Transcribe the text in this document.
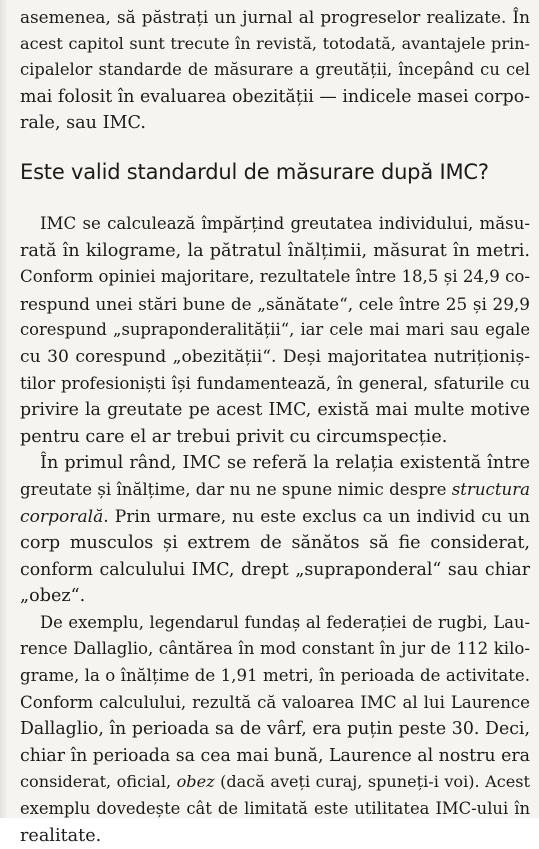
asemenea, să păstrați un jurnal al progreselor realizate. În
acest capitol sunt trecute în revistă, totodată, avantajele prin-
cipalelor standarde de măsurare a greutății, începând cu cel
mai folosit în evaluarea obezității — indicele masei corpo-
rale, sau IMC.

Este valid standardul de măsurare după IMC?

IMC se calculează împărțind greutatea individului, măsu-
rată în kilograme, la pătratul înălțimii, măsurat în metri.
Conform opiniei majoritare, rezultatele între 18,5 și 24,9 co-
respund unei stări bune de „sănătate“, cele între 25 și 29,9
corespund „supraponderalității“, iar cele mai mari sau egale
cu 30 corespund „obezității“. Deși majoritatea nutriționiș-
tilor profesioniști își fundamentează, în general, sfaturile cu
privire la greutate pe acest IMC, există mai multe motive
pentru care el ar trebui privit cu circumspecție.

În primul rând, IMC se referă la relația existentă între
greutate și înălțime, dar nu ne spune nimic despre structura
corporală. Prin urmare, nu este exclus ca un individ cu un
corp musculos și extrem de sănătos să fie considerat,
conform calculului IMC, drept „supraponderal“ sau chiar
„obez“.

De exemplu, legendarul fundaș al federației de rugbi, Lau-
rence Dallaglio, cântărea în mod constant în jur de 112 kilo-
grame, la o înălțime de 1,91 metri, în perioada de activitate.
Conform calculului, rezultă că valoarea IMC al lui Laurence
Dallaglio, în perioada sa de vârf, era puțin peste 30. Deci,
chiar în perioada sa cea mai bună, Laurence al nostru era
considerat, oficial, obez (dacă aveți curaj, spuneți-i voi). Acest
exemplu dovedește cât de limitată este utilitatea IMC-ului în
realitate.
